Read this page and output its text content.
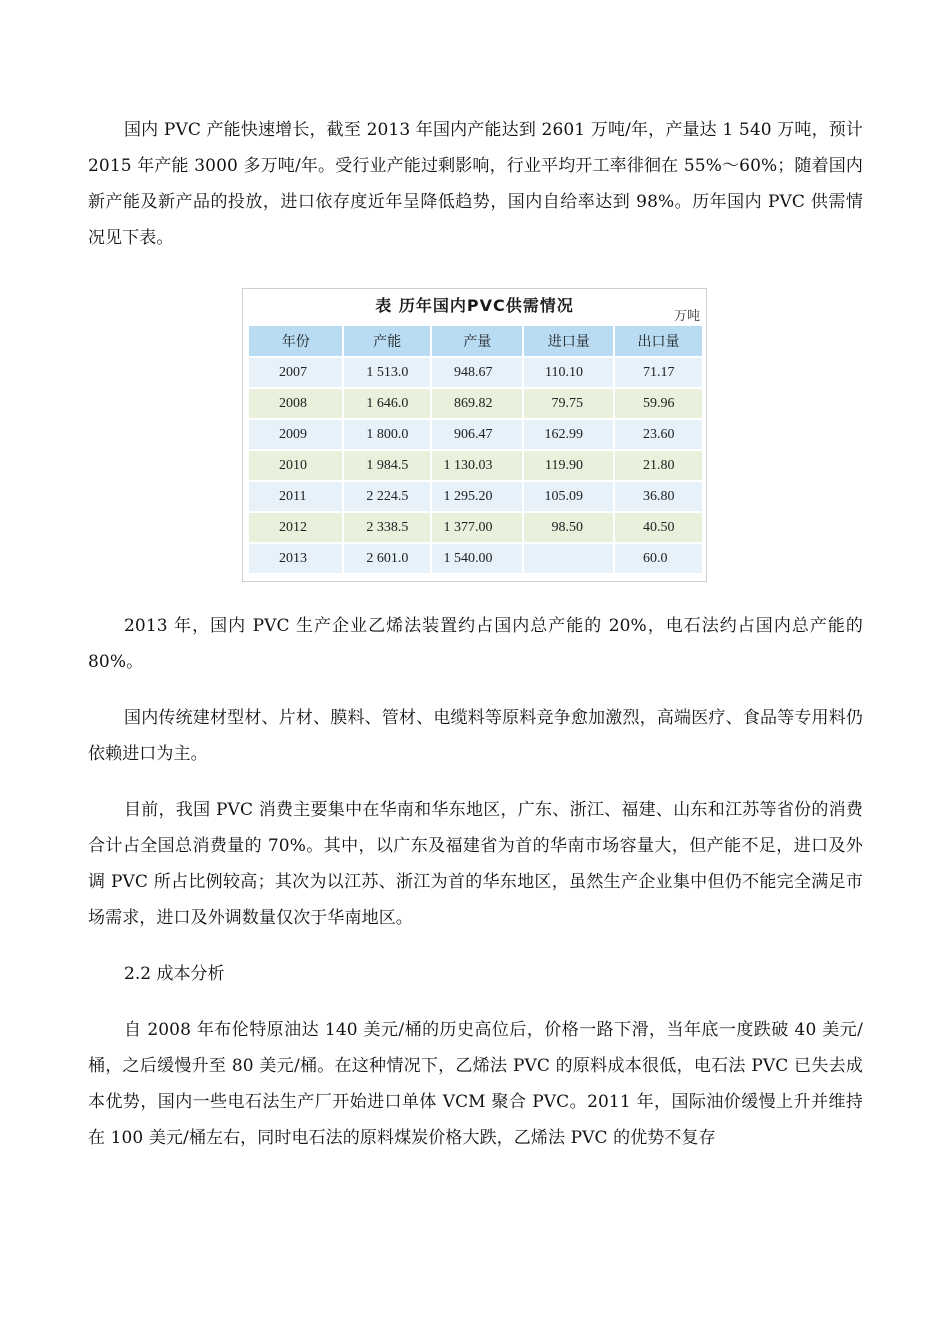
国内 PVC 产能快速增长，截至 2013 年国内产能达到 2601 万吨/年，产量达 1 540 万吨，预计 2015 年产能 3000 多万吨/年。受行业产能过剩影响，行业平均开工率徘徊在 55%～60%；随着国内新产能及新产品的投放，进口依存度近年呈降低趋势，国内自给率达到 98%。历年国内 PVC 供需情况见下表。

表 历年国内PVC供需情况
万吨
年份	产能	产量	进口量	出口量
2007	1 513.0	948.67	110.10	71.17
2008	1 646.0	869.82	79.75	59.96
2009	1 800.0	906.47	162.99	23.60
2010	1 984.5	1 130.03	119.90	21.80
2011	2 224.5	1 295.20	105.09	36.80
2012	2 338.5	1 377.00	98.50	40.50
2013	2 601.0	1 540.00		60.0

2013 年，国内 PVC 生产企业乙烯法装置约占国内总产能的 20%，电石法约占国内总产能的 80%。

国内传统建材型材、片材、膜料、管材、电缆料等原料竞争愈加激烈，高端医疗、食品等专用料仍依赖进口为主。

目前，我国 PVC 消费主要集中在华南和华东地区，广东、浙江、福建、山东和江苏等省份的消费合计占全国总消费量的 70%。其中，以广东及福建省为首的华南市场容量大，但产能不足，进口及外调 PVC 所占比例较高；其次为以江苏、浙江为首的华东地区，虽然生产企业集中但仍不能完全满足市场需求，进口及外调数量仅次于华南地区。

2.2 成本分析

自 2008 年布伦特原油达 140 美元/桶的历史高位后，价格一路下滑，当年底一度跌破 40 美元/桶，之后缓慢升至 80 美元/桶。在这种情况下，乙烯法 PVC 的原料成本很低，电石法 PVC 已失去成本优势，国内一些电石法生产厂开始进口单体 VCM 聚合 PVC。2011 年，国际油价缓慢上升并维持在 100 美元/桶左右，同时电石法的原料煤炭价格大跌，乙烯法 PVC 的优势不复存
